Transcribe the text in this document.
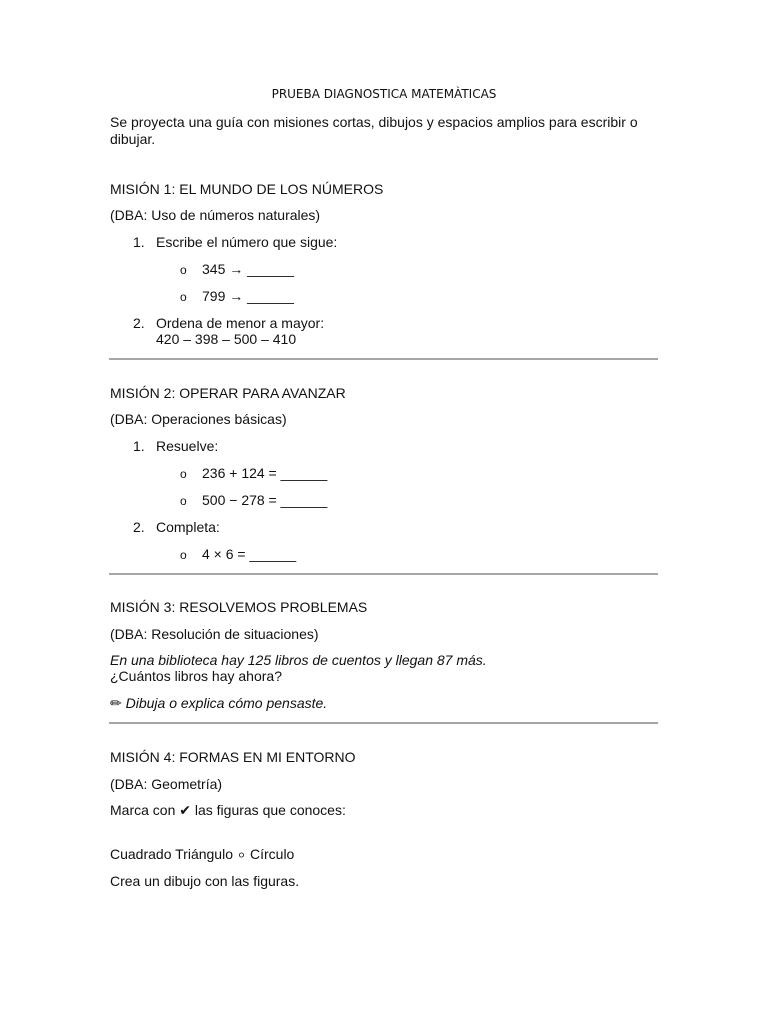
PRUEBA DIAGNOSTICA MATEMÀTICAS
Se proyecta una guía con misiones cortas, dibujos y espacios amplios para escribir o dibujar.
MISIÓN 1: EL MUNDO DE LOS NÚMEROS
(DBA: Uso de números naturales)
1. Escribe el número que sigue:
o 345 → ______
o 799 → ______
2. Ordena de menor a mayor:
420 – 398 – 500 – 410
MISIÓN 2: OPERAR PARA AVANZAR
(DBA: Operaciones básicas)
1. Resuelve:
o 236 + 124 = ______
o 500 − 278 = ______
2. Completa:
o 4 × 6 = ______
MISIÓN 3: RESOLVEMOS PROBLEMAS
(DBA: Resolución de situaciones)
En una biblioteca hay 125 libros de cuentos y llegan 87 más.
¿Cuántos libros hay ahora?
✏ Dibuja o explica cómo pensaste.
MISIÓN 4: FORMAS EN MI ENTORNO
(DBA: Geometría)
Marca con ✔ las figuras que conoces:
Cuadrado Triángulo ⚪ Círculo
Crea un dibujo con las figuras.
